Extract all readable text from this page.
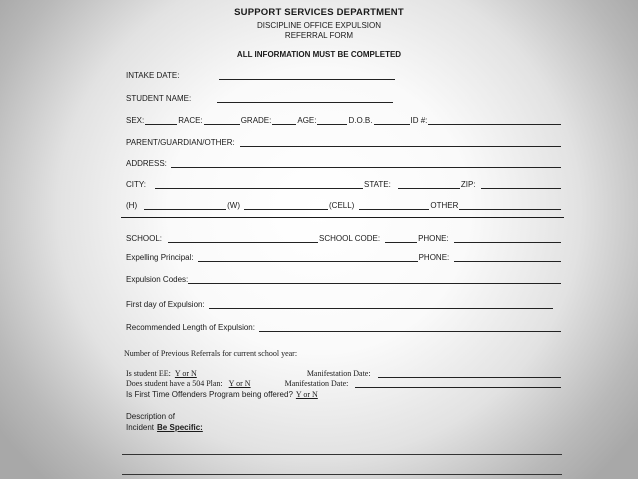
SUPPORT SERVICES DEPARTMENT
DISCIPLINE OFFICE EXPULSION
REFERRAL FORM
ALL INFORMATION MUST BE COMPLETED
INTAKE DATE:
STUDENT NAME:
SEX:	RACE:	GRADE:	AGE:	D.O.B.	ID #:
PARENT/GUARDIAN/OTHER:
ADDRESS:
CITY:	STATE:	ZIP:
(H)	(W)	(CELL)	OTHER
SCHOOL:	SCHOOL CODE:	PHONE:
Expelling Principal:	PHONE:
Expulsion Codes:
First day of Expulsion:
Recommended Length of Expulsion:
Number of Previous Referrals for current school year:
Is student EE: Y or N	Manifestation Date:
Does student have a 504 Plan: Y or N	Manifestation Date:
Is First Time Offenders Program being offered? Y or N
Description of
Incident Be Specific:
